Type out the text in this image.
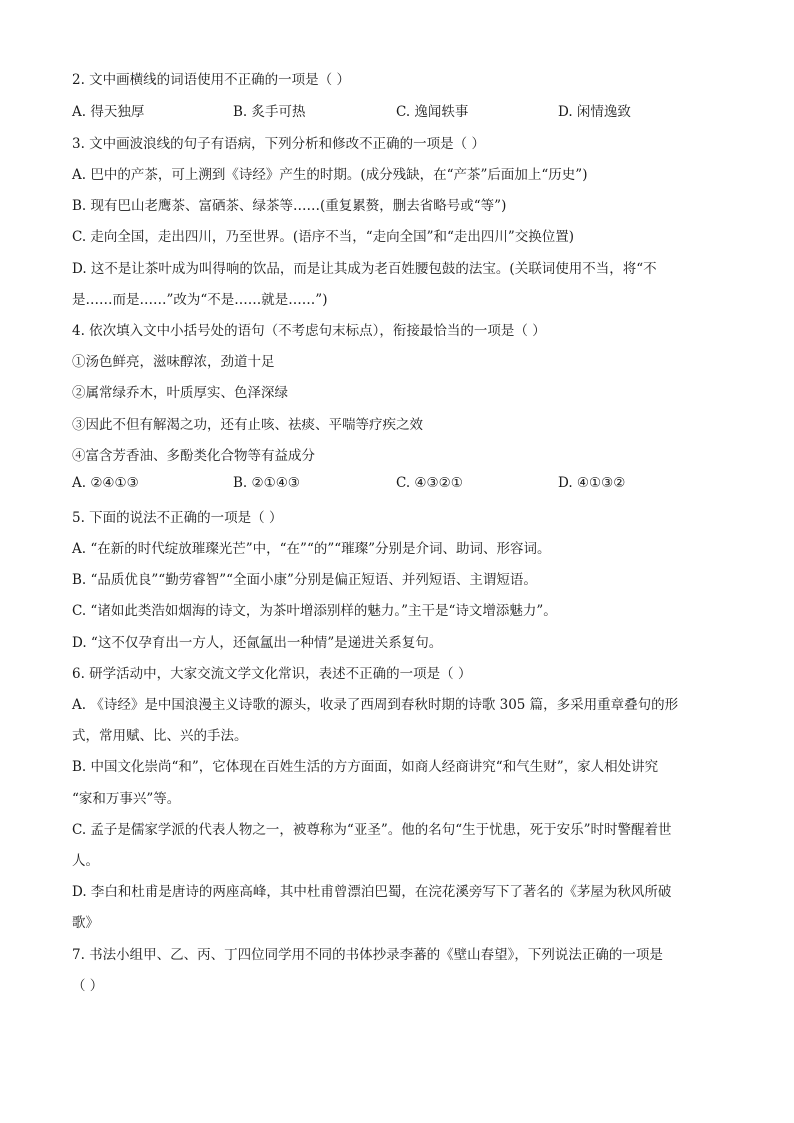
2. 文中画横线的词语使用不正确的一项是（ ）
A. 得天独厚	B. 炙手可热	C. 逸闻轶事	D. 闲情逸致
3. 文中画波浪线的句子有语病，下列分析和修改不正确的一项是（ ）
A. 巴中的产茶，可上溯到《诗经》产生的时期。(成分残缺，在“产茶”后面加上“历史”)
B. 现有巴山老鹰茶、富硒茶、绿茶等……(重复累赘，删去省略号或“等”)
C. 走向全国，走出四川，乃至世界。(语序不当，“走向全国”和“走出四川”交换位置)
D. 这不是让茶叶成为叫得响的饮品，而是让其成为老百姓腰包鼓的法宝。(关联词使用不当，将“不
是……而是……”改为“不是……就是……”)
4. 依次填入文中小括号处的语句（不考虑句末标点），衔接最恰当的一项是（ ）
①汤色鲜亮，滋味醇浓，劲道十足
②属常绿乔木，叶质厚实、色泽深绿
③因此不但有解渴之功，还有止咳、祛痰、平喘等疗疾之效
④富含芳香油、多酚类化合物等有益成分
A. ②④①③	B. ②①④③	C. ④③②①	D. ④①③②
5. 下面的说法不正确的一项是（ ）
A. “在新的时代绽放璀璨光芒”中，“在”“的”“璀璨”分别是介词、助词、形容词。
B. “品质优良”“勤劳睿智”“全面小康”分别是偏正短语、并列短语、主谓短语。
C. “诸如此类浩如烟海的诗文，为茶叶增添别样的魅力。”主干是“诗文增添魅力”。
D. “这不仅孕育出一方人，还氤氲出一种情”是递进关系复句。
6. 研学活动中，大家交流文学文化常识，表述不正确的一项是（ ）
A. 《诗经》是中国浪漫主义诗歌的源头，收录了西周到春秋时期的诗歌 305 篇，多采用重章叠句的形
式，常用赋、比、兴的手法。
B. 中国文化崇尚“和”，它体现在百姓生活的方方面面，如商人经商讲究“和气生财”，家人相处讲究
“家和万事兴”等。
C. 孟子是儒家学派的代表人物之一，被尊称为“亚圣”。他的名句“生于忧患，死于安乐”时时警醒着世
人。
D. 李白和杜甫是唐诗的两座高峰，其中杜甫曾漂泊巴蜀，在浣花溪旁写下了著名的《茅屋为秋风所破
歌》
7. 书法小组甲、乙、丙、丁四位同学用不同的书体抄录李蕃的《壁山春望》，下列说法正确的一项是
（ ）
